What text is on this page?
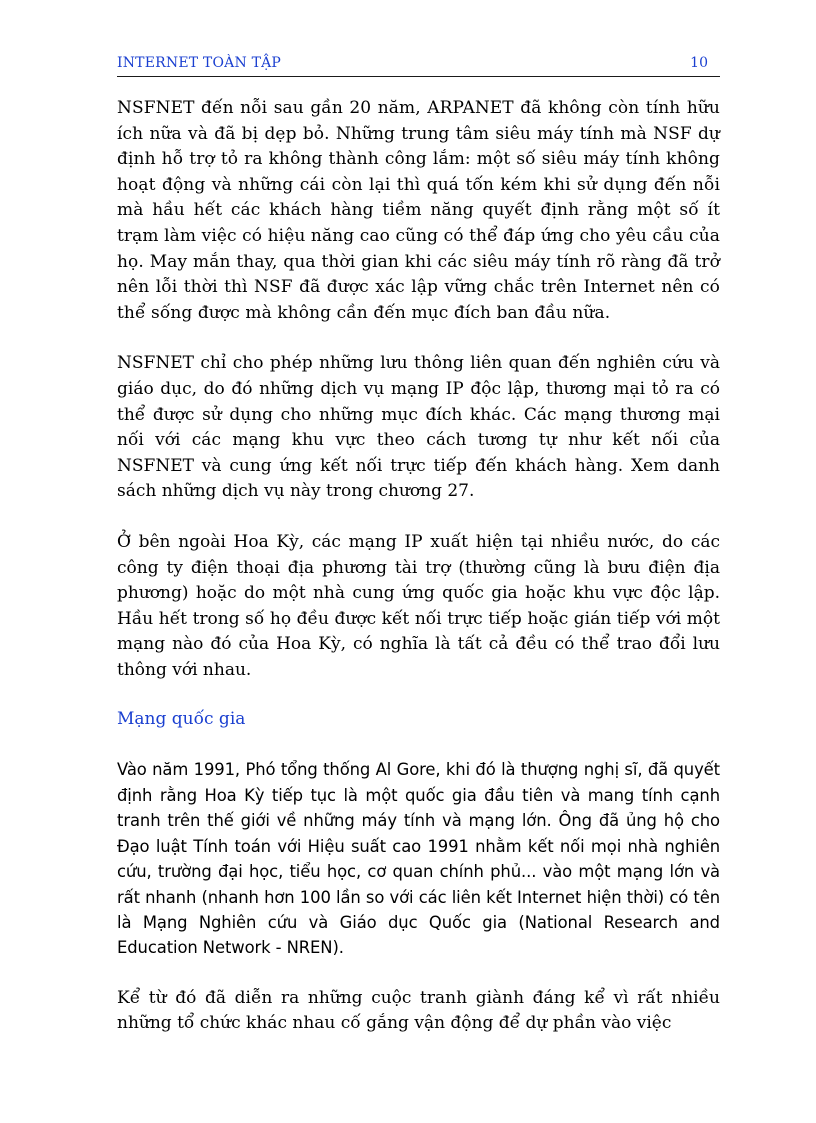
INTERNET TOÀN TẬP	10

NSFNET đến nỗi sau gần 20 năm, ARPANET đã không còn tính hữu ích nữa và đã bị dẹp bỏ. Những trung tâm siêu máy tính mà NSF dự định hỗ trợ tỏ ra không thành công lắm: một số siêu máy tính không hoạt động và những cái còn lại thì quá tốn kém khi sử dụng đến nỗi mà hầu hết các khách hàng tiềm năng quyết định rằng một số ít trạm làm việc có hiệu năng cao cũng có thể đáp ứng cho yêu cầu của họ. May mắn thay, qua thời gian khi các siêu máy tính rõ ràng đã trở nên lỗi thời thì NSF đã được xác lập vững chắc trên Internet nên có thể sống được mà không cần đến mục đích ban đầu nữa.

NSFNET chỉ cho phép những lưu thông liên quan đến nghiên cứu và giáo dục, do đó những dịch vụ mạng IP độc lập, thương mại tỏ ra có thể được sử dụng cho những mục đích khác. Các mạng thương mại nối với các mạng khu vực theo cách tương tự như kết nối của NSFNET và cung ứng kết nối trực tiếp đến khách hàng. Xem danh sách những dịch vụ này trong chương 27.

Ở bên ngoài Hoa Kỳ, các mạng IP xuất hiện tại nhiều nước, do các công ty điện thoại địa phương tài trợ (thường cũng là bưu điện địa phương) hoặc do một nhà cung ứng quốc gia hoặc khu vực độc lập. Hầu hết trong số họ đều được kết nối trực tiếp hoặc gián tiếp với một mạng nào đó của Hoa Kỳ, có nghĩa là tất cả đều có thể trao đổi lưu thông với nhau.

Mạng quốc gia

Vào năm 1991, Phó tổng thống Al Gore, khi đó là thượng nghị sĩ, đã quyết định rằng Hoa Kỳ tiếp tục là một quốc gia đầu tiên và mang tính cạnh tranh trên thế giới về những máy tính và mạng lớn. Ông đã ủng hộ cho Đạo luật Tính toán với Hiệu suất cao 1991 nhằm kết nối mọi nhà nghiên cứu, trường đại học, tiểu học, cơ quan chính phủ... vào một mạng lớn và rất nhanh (nhanh hơn 100 lần so với các liên kết Internet hiện thời) có tên là Mạng Nghiên cứu và Giáo dục Quốc gia (National Research and Education Network - NREN).

Kể từ đó đã diễn ra những cuộc tranh giành đáng kể vì rất nhiều những tổ chức khác nhau cố gắng vận động để dự phần vào việc
